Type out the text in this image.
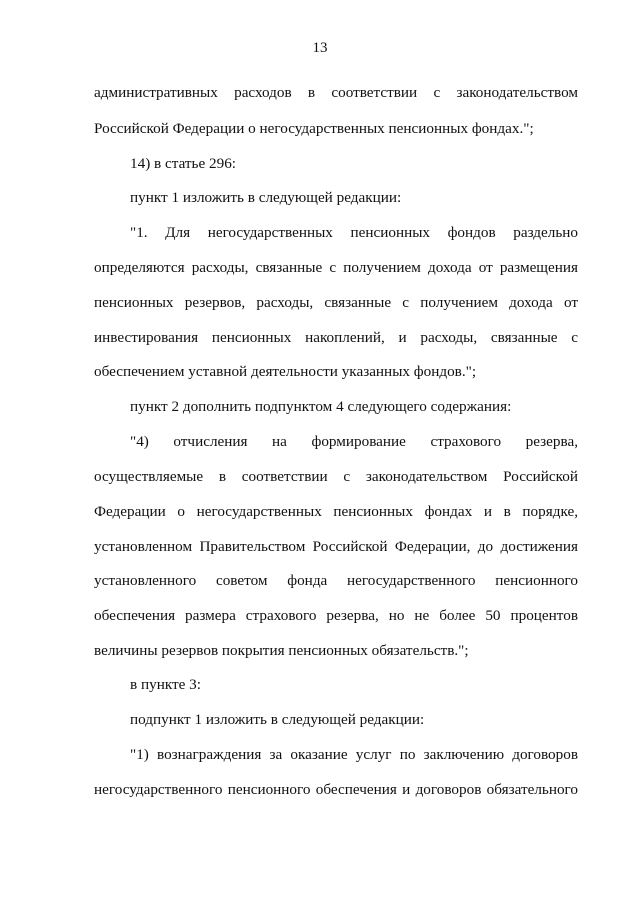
13
административных расходов в соответствии с законодательством
Российской Федерации о негосударственных пенсионных фондах.";
14) в статье 296:
пункт 1 изложить в следующей редакции:
"1. Для негосударственных пенсионных фондов раздельно
определяются расходы, связанные с получением дохода от размещения
пенсионных резервов, расходы, связанные с получением дохода от
инвестирования пенсионных накоплений, и расходы, связанные с
обеспечением уставной деятельности указанных фондов.";
пункт 2 дополнить подпунктом 4 следующего содержания:
"4) отчисления на формирование страхового резерва,
осуществляемые в соответствии с законодательством Российской
Федерации о негосударственных пенсионных фондах и в порядке,
установленном Правительством Российской Федерации, до достижения
установленного советом фонда негосударственного пенсионного
обеспечения размера страхового резерва, но не более 50 процентов
величины резервов покрытия пенсионных обязательств.";
в пункте 3:
подпункт 1 изложить в следующей редакции:
"1) вознаграждения за оказание услуг по заключению договоров
негосударственного пенсионного обеспечения и договоров обязательного
